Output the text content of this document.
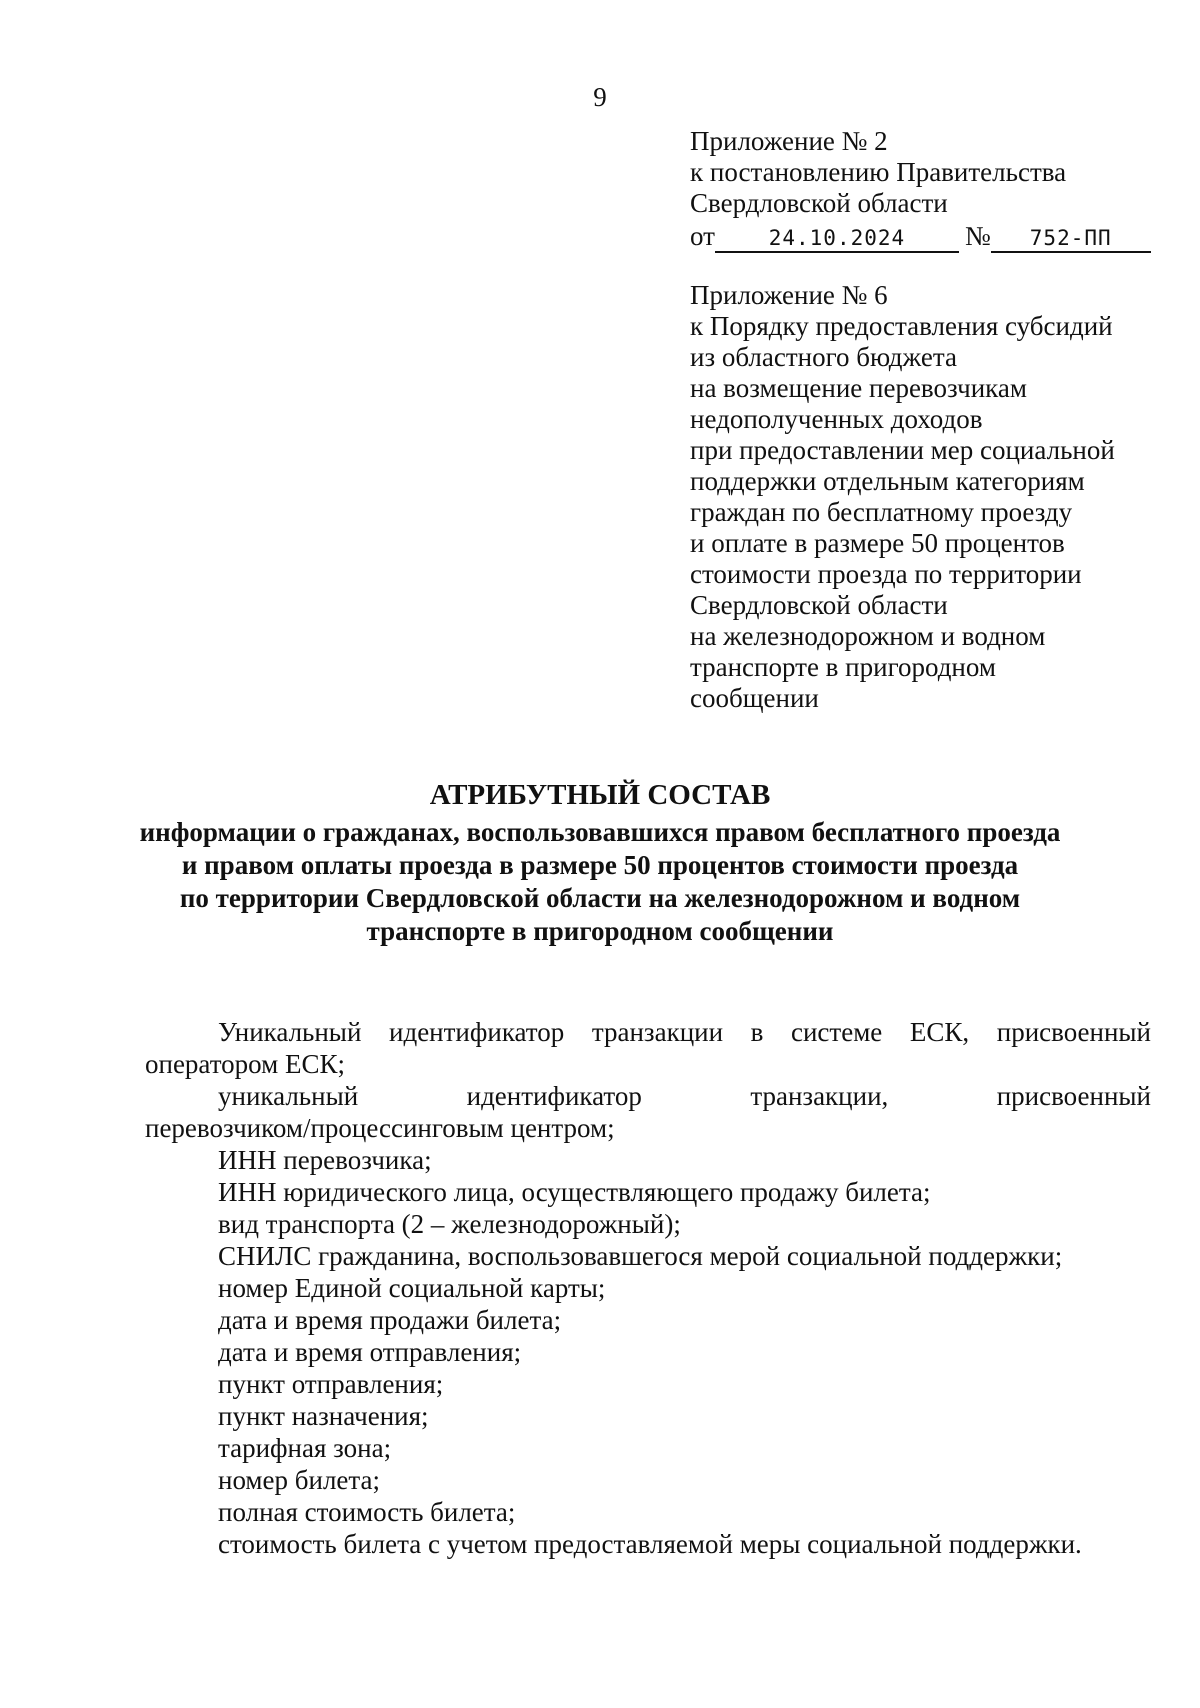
9
Приложение № 2
к постановлению Правительства
Свердловской области
от	24.10.2024 № 752-ПП
Приложение № 6
к Порядку предоставления субсидий
из областного бюджета
на возмещение перевозчикам
недополученных доходов
при предоставлении мер социальной
поддержки отдельным категориям
граждан по бесплатному проезду
и оплате в размере 50 процентов
стоимости проезда по территории
Свердловской области
на железнодорожном и водном
транспорте в пригородном
сообщении
АТРИБУТНЫЙ СОСТАВ
информации о гражданах, воспользовавшихся правом бесплатного проезда
и правом оплаты проезда в размере 50 процентов стоимости проезда
по территории Свердловской области на железнодорожном и водном
транспорте в пригородном сообщении
Уникальный идентификатор транзакции в системе ЕСК, присвоенный
оператором ЕСК;
уникальный идентификатор транзакции, присвоенный
перевозчиком/процессинговым центром;
ИНН перевозчика;
ИНН юридического лица, осуществляющего продажу билета;
вид транспорта (2 – железнодорожный);
СНИЛС гражданина, воспользовавшегося мерой социальной поддержки;
номер Единой социальной карты;
дата и время продажи билета;
дата и время отправления;
пункт отправления;
пункт назначения;
тарифная зона;
номер билета;
полная стоимость билета;
стоимость билета с учетом предоставляемой меры социальной поддержки.
